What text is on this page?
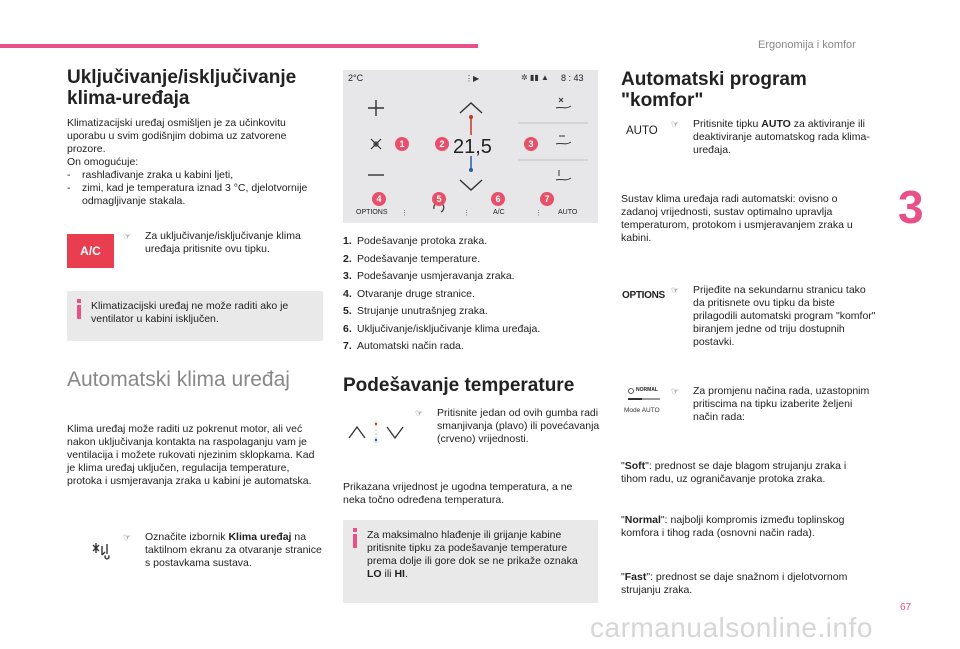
Ergonomija i komfor
3
67
carmanualsonline.info
Uključivanje/isključivanje klima-uređaja

Klimatizacijski uređaj osmišljen je za učinkovitu uporabu u svim godišnjim dobima uz zatvorene prozore.

On omogućuje:

- rashlađivanje zraka u kabini ljeti,
- zimi, kad je temperatura iznad 3 °C, djelotvornije odmagljivanje stakala.
A/C
☞ Za uključivanje/isključivanje klima uređaja pritisnite ovu tipku.
Klimatizacijski uređaj ne može raditi ako je ventilator u kabini isključen.
Automatski klima uređaj
Klima uređaj može raditi uz pokrenut motor, ali već nakon uključivanja kontakta na raspolaganju vam je ventilacija i možete rukovati njezinim sklopkama. Kad je klima uređaj uključen, regulacija temperature, protoka i usmjeravanja zraka u kabini je automatska.
☞ Označite izbornik Klima uređaj na taktilnom ekranu za otvaranje stranice s postavkama sustava.
2°C	⋮▶	✲ ▮▮ ▲ 8 : 43
21,5
OPTIONS	A/C	AUTO
⋮	⋮	⋮
1	2	3
4	5	6	7
1. Podešavanje protoka zraka.
2. Podešavanje temperature.
3. Podešavanje usmjeravanja zraka.
4. Otvaranje druge stranice.
5. Strujanje unutrašnjeg zraka.
6. Uključivanje/isključivanje klima uređaja.
7. Automatski način rada.
Podešavanje temperature
☞ Pritisnite jedan od ovih gumba radi smanjivanja (plavo) ili povećavanja (crveno) vrijednosti.
Prikazana vrijednost je ugodna temperatura, a ne neka točno određena temperatura.
Za maksimalno hlađenje ili grijanje kabine pritisnite tipku za podešavanje temperature prema dolje ili gore dok se ne prikaže oznaka LO ili HI.
Automatski program "komfor"
AUTO
☞ Pritisnite tipku AUTO za aktiviranje ili deaktiviranje automatskog rada klima-uređaja.
Sustav klima uređaja radi automatski: ovisno o zadanoj vrijednosti, sustav optimalno upravlja temperaturom, protokom i usmjeravanjem zraka u kabini.
OPTIONS ☞ Prijeđite na sekundarnu stranicu tako da pritisnete ovu tipku da biste prilagodili automatski program "komfor" biranjem jedne od triju dostupnih postavki.
NORMAL
Mode AUTO
☞ Za promjenu načina rada, uzastopnim pritiscima na tipku izaberite željeni način rada:
"Soft": prednost se daje blagom strujanju zraka i tihom radu, uz ograničavanje protoka zraka.
"Normal": najbolji kompromis između toplinskog komfora i tihog rada (osnovni način rada).
"Fast": prednost se daje snažnom i djelotvornom strujanju zraka.
